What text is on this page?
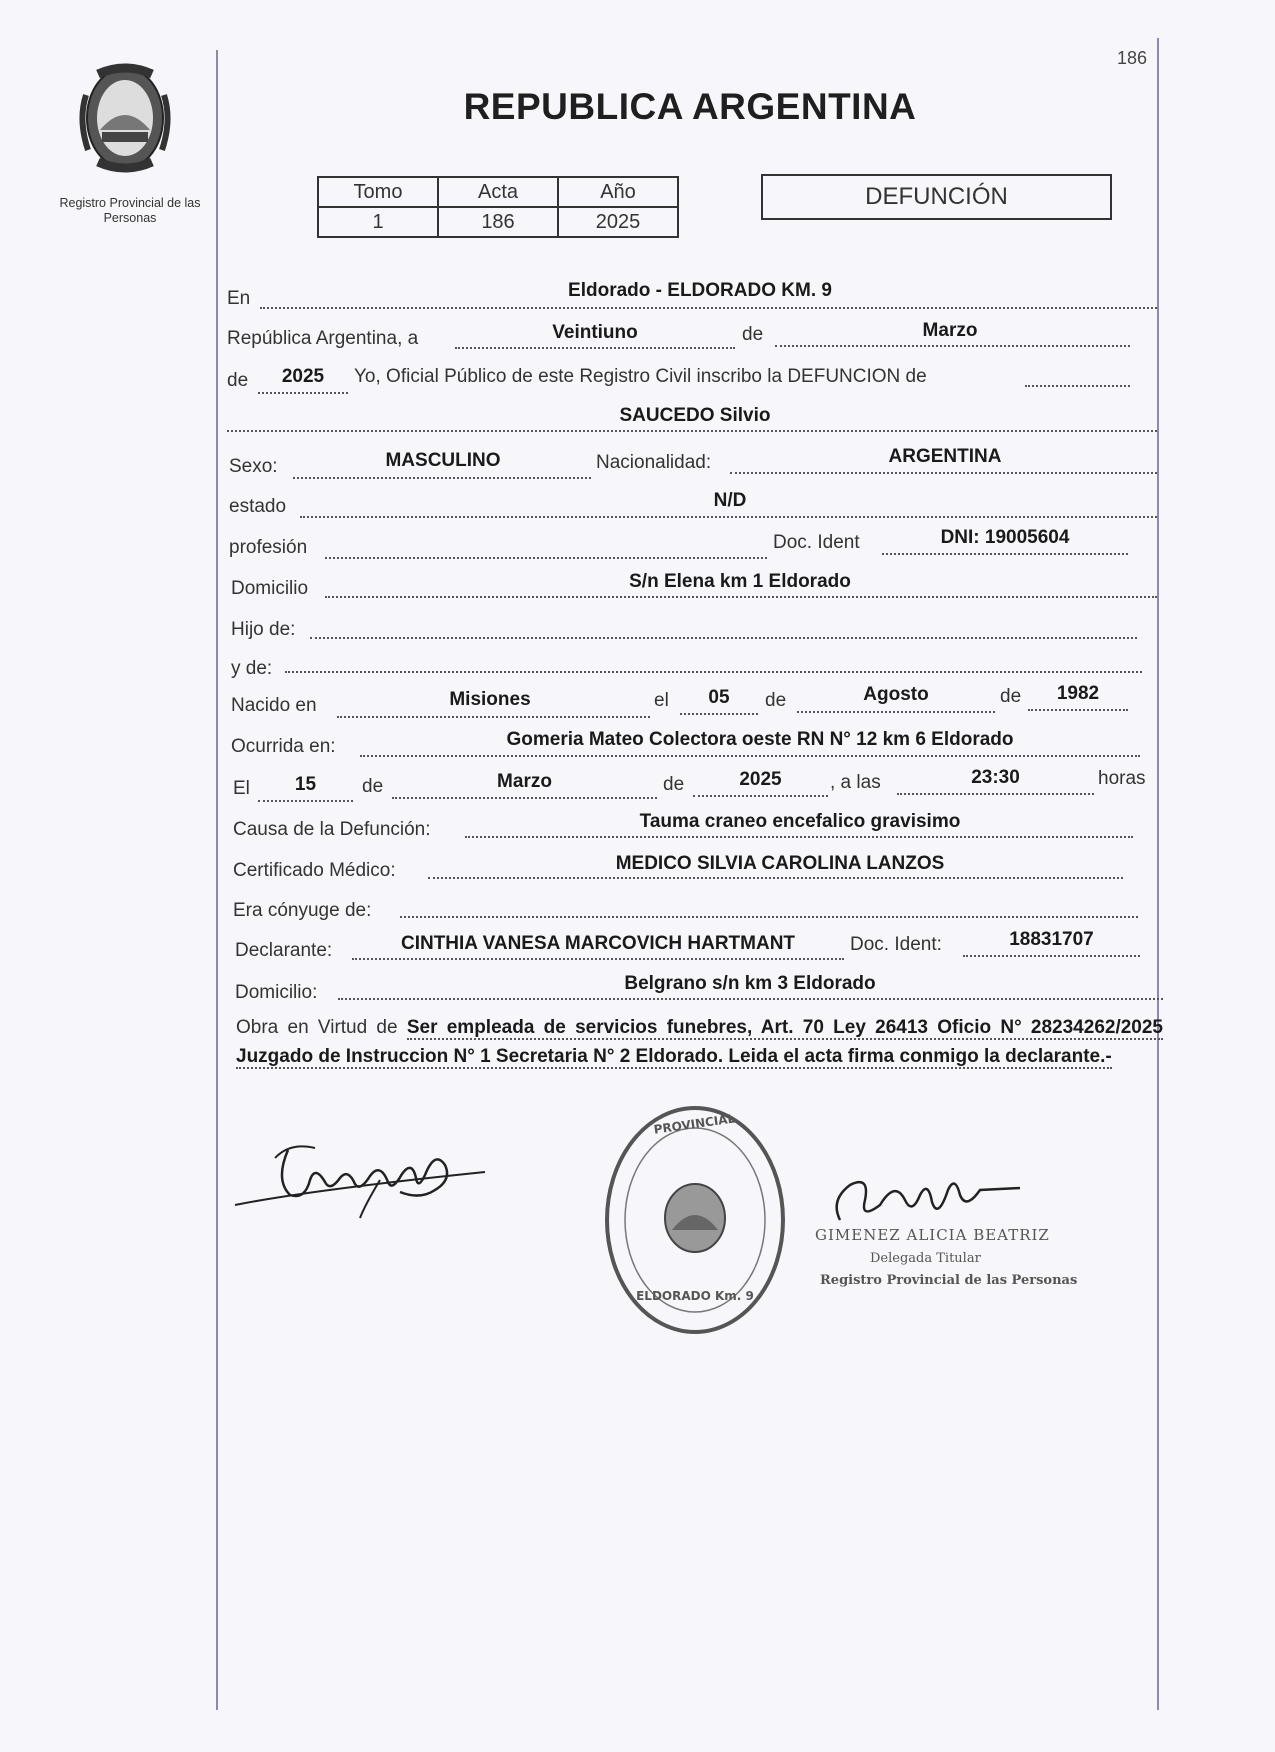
Registro Provincial de las Personas
186
REPUBLICA ARGENTINA
Tomo	Acta	Año
1	186	2025
DEFUNCIÓN
En	Eldorado - ELDORADO KM. 9
República Argentina, a	Veintiuno	de	Marzo
de	2025	Yo, Oficial Público de este Registro Civil inscribo la DEFUNCION de
SAUCEDO Silvio
Sexo:	MASCULINO	Nacionalidad:	ARGENTINA
estado	N/D
profesión	Doc. Ident	DNI: 19005604
Domicilio	S/n Elena km 1 Eldorado
Hijo de:
y de:
Nacido en	Misiones	el	05	de	Agosto	de	1982
Ocurrida en:	Gomeria Mateo Colectora oeste RN N° 12 km 6 Eldorado
El	15	de	Marzo	de	2025	, a las	23:30	horas
Causa de la Defunción:	Tauma craneo encefalico gravisimo
Certificado Médico:	MEDICO SILVIA CAROLINA LANZOS
Era cónyuge de:
Declarante:	CINTHIA VANESA MARCOVICH HARTMANT	Doc. Ident:	18831707
Domicilio:	Belgrano s/n km 3 Eldorado
Obra en Virtud de Ser empleada de servicios funebres, Art. 70 Ley 26413 Oficio N° 28234262/2025 Juzgado de Instruccion N° 1 Secretaria N° 2 Eldorado. Leida el acta firma conmigo la declarante.-
PROVINCIAL
ELDORADO Km. 9
GIMENEZ ALICIA BEATRIZ
Delegada Titular
Registro Provincial de las Personas
